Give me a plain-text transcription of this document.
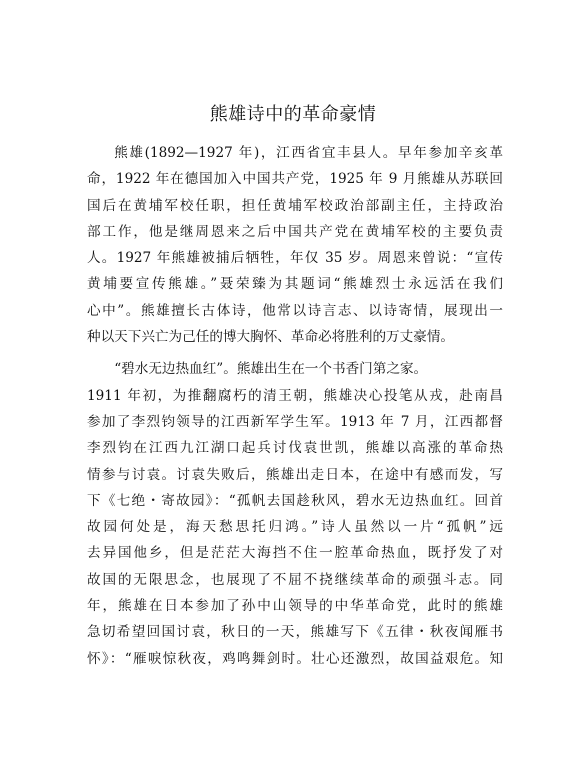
熊雄诗中的革命豪情
熊雄(1892—1927 年)，江西省宜丰县人。早年参加辛亥革
命，1922 年在德国加入中国共产党，1925 年 9 月熊雄从苏联回
国后在黄埔军校任职，担任黄埔军校政治部副主任，主持政治
部工作，他是继周恩来之后中国共产党在黄埔军校的主要负责
人。1927 年熊雄被捕后牺牲，年仅 35 岁。周恩来曾说：“宣传
黄埔要宣传熊雄。”聂荣臻为其题词“熊雄烈士永远活在我们
心中”。熊雄擅长古体诗，他常以诗言志、以诗寄情，展现出一
种以天下兴亡为己任的博大胸怀、革命必将胜利的万丈豪情。
“碧水无边热血红”。熊雄出生在一个书香门第之家。
1911 年初，为推翻腐朽的清王朝，熊雄决心投笔从戎，赴南昌
参加了李烈钧领导的江西新军学生军。1913 年 7 月，江西都督
李烈钧在江西九江湖口起兵讨伐袁世凯，熊雄以高涨的革命热
情参与讨袁。讨袁失败后，熊雄出走日本，在途中有感而发，写
下《七绝・寄故园》：“孤帆去国趁秋风，碧水无边热血红。回首
故园何处是，海天愁思托归鸿。”诗人虽然以一片“孤帆”远
去异国他乡，但是茫茫大海挡不住一腔革命热血，既抒发了对
故国的无限思念，也展现了不屈不挠继续革命的顽强斗志。同
年，熊雄在日本参加了孙中山领导的中华革命党，此时的熊雄
急切希望回国讨袁，秋日的一天，熊雄写下《五律・秋夜闻雁书
怀》：“雁唳惊秋夜，鸡鸣舞剑时。壮心还激烈，故国益艰危。知
